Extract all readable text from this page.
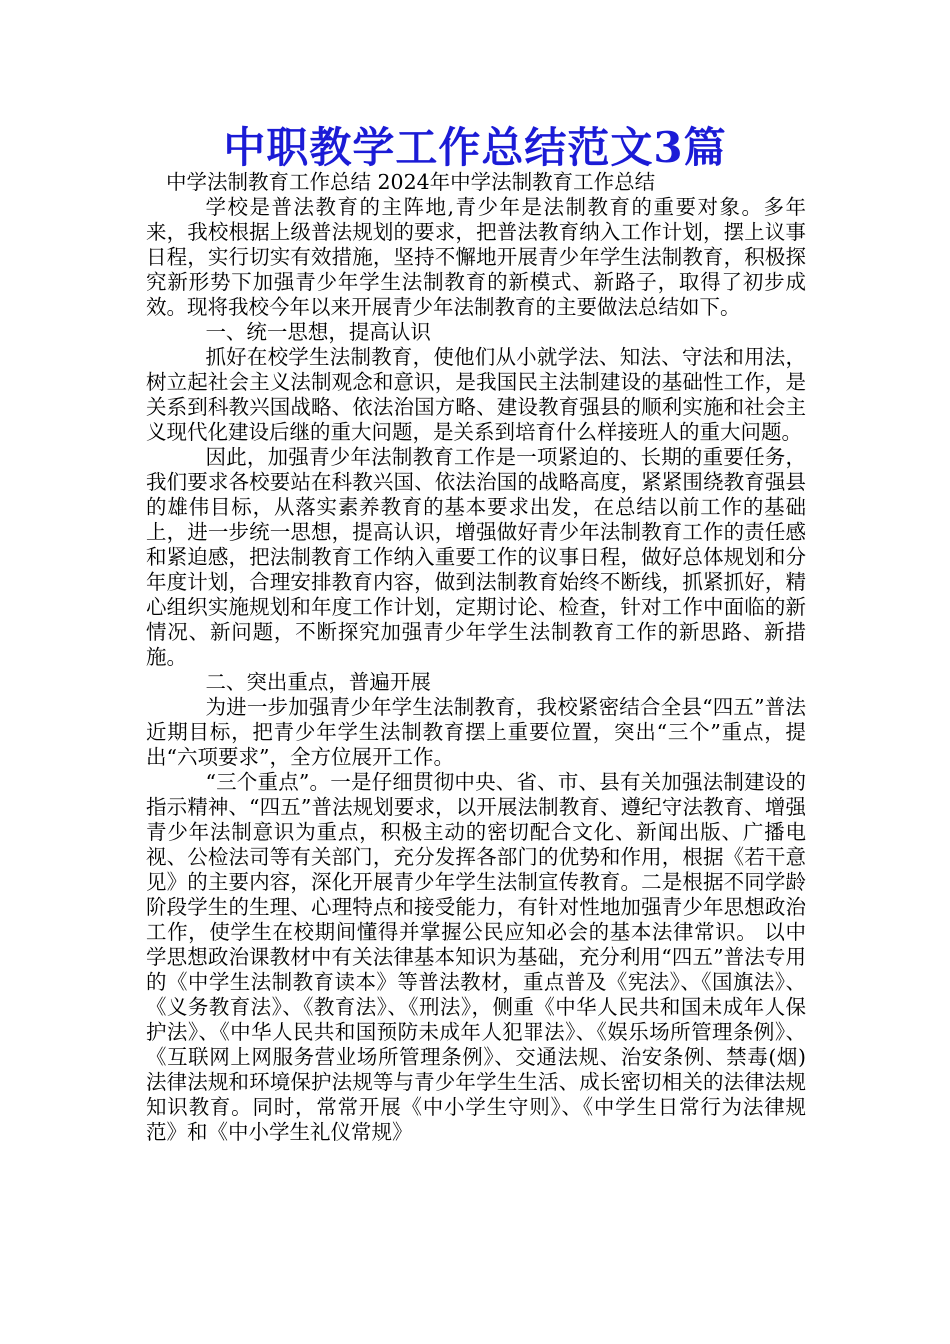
中职教学工作总结范文3篇

中学法制教育工作总结 2024年中学法制教育工作总结

学校是普法教育的主阵地,青少年是法制教育的重要对象。多年来，我校根据上级普法规划的要求，把普法教育纳入工作计划，摆上议事日程，实行切实有效措施，坚持不懈地开展青少年学生法制教育，积极探究新形势下加强青少年学生法制教育的新模式、新路子，取得了初步成效。现将我校今年以来开展青少年法制教育的主要做法总结如下。

一、统一思想，提高认识

抓好在校学生法制教育，使他们从小就学法、知法、守法和用法，树立起社会主义法制观念和意识，是我国民主法制建设的基础性工作，是关系到科教兴国战略、依法治国方略、建设教育强县的顺利实施和社会主义现代化建设后继的重大问题，是关系到培育什么样接班人的重大问题。

因此，加强青少年法制教育工作是一项紧迫的、长期的重要任务，我们要求各校要站在科教兴国、依法治国的战略高度，紧紧围绕教育强县的雄伟目标，从落实素养教育的基本要求出发，在总结以前工作的基础上，进一步统一思想，提高认识，增强做好青少年法制教育工作的责任感和紧迫感，把法制教育工作纳入重要工作的议事日程，做好总体规划和分年度计划，合理安排教育内容，做到法制教育始终不断线，抓紧抓好，精心组织实施规划和年度工作计划，定期讨论、检查，针对工作中面临的新情况、新问题，不断探究加强青少年学生法制教育工作的新思路、新措施。

二、突出重点，普遍开展

为进一步加强青少年学生法制教育，我校紧密结合全县“四五”普法近期目标，把青少年学生法制教育摆上重要位置，突出“三个”重点，提出“六项要求”，全方位展开工作。

“三个重点”。一是仔细贯彻中央、省、市、县有关加强法制建设的指示精神、“四五”普法规划要求，以开展法制教育、遵纪守法教育、增强青少年法制意识为重点，积极主动的密切配合文化、新闻出版、广播电视、公检法司等有关部门，充分发挥各部门的优势和作用，根据《若干意见》的主要内容，深化开展青少年学生法制宣传教育。二是根据不同学龄阶段学生的生理、心理特点和接受能力，有针对性地加强青少年思想政治工作，使学生在校期间懂得并掌握公民应知必会的基本法律常识。 以中学思想政治课教材中有关法律基本知识为基础，充分利用“四五”普法专用的《中学生法制教育读本》等普法教材，重点普及《宪法》、《国旗法》、《义务教育法》、《教育法》、《刑法》，侧重《中华人民共和国未成年人保护法》、《中华人民共和国预防未成年人犯罪法》、《娱乐场所管理条例》、《互联网上网服务营业场所管理条例》、交通法规、治安条例、禁毒(烟)法律法规和环境保护法规等与青少年学生生活、成长密切相关的法律法规知识教育。同时，常常开展《中小学生守则》、《中学生日常行为法律规范》和《中小学生礼仪常规》
